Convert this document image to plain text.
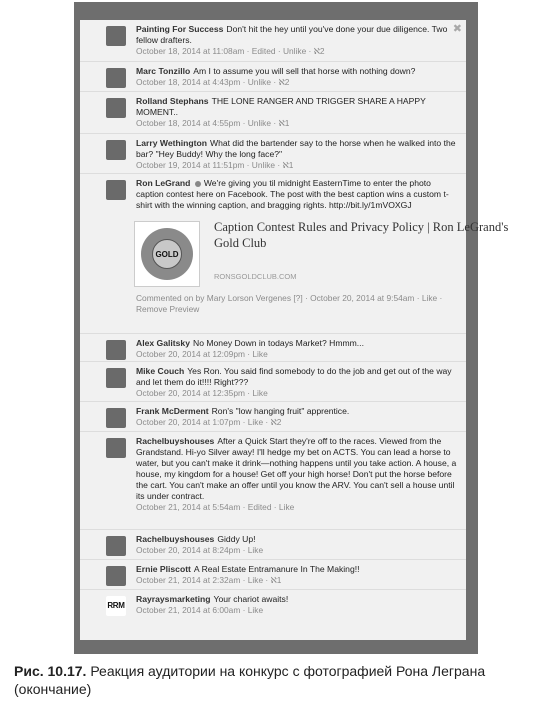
✖
Painting For Success Don't hit the hey until you've done your due diligence. Two fellow drafters.
October 18, 2014 at 11:08am · Edited · Unlike · ℵ2
Marc Tonzillo Am I to assume you will sell that horse with nothing down?
October 18, 2014 at 4:43pm · Unlike · ℵ2
Rolland Stephans THE LONE RANGER AND TRIGGER SHARE A HAPPY MOMENT..
October 18, 2014 at 4:55pm · Unlike · ℵ1
Larry Wethington What did the bartender say to the horse when he walked into the bar? "Hey Buddy! Why the long face?"
October 19, 2014 at 11:51pm · Unlike · ℵ1
Ron LeGrand We're giving you til midnight EasternTime to enter the photo caption contest here on Facebook. The post with the best caption wins a custom t-shirt with the winning caption, and bragging rights. http://bit.ly/1mVOXGJ
GOLD
Caption Contest Rules and Privacy Policy | Ron LeGrand's Gold Club
RONSGOLDCLUB.COM
Commented on by Mary Lorson Vergenes [?] · October 20, 2014 at 9:54am · Like · Remove Preview
Alex Galitsky No Money Down in todays Market? Hmmm...
October 20, 2014 at 12:09pm · Like
Mike Couch Yes Ron. You said find somebody to do the job and get out of the way and let them do it!!!! Right???
October 20, 2014 at 12:35pm · Like
Frank McDerment Ron's "low hanging fruit" apprentice.
October 20, 2014 at 1:07pm · Like · ℵ2
Rachelbuyshouses After a Quick Start they're off to the races. Viewed from the Grandstand. Hi-yo Silver away! I'll hedge my bet on ACTS. You can lead a horse to water, but you can't make it drink—nothing happens until you take action. A house, a house, my kingdom for a house! Get off your high horse! Don't put the horse before the cart. You can't make an offer until you know the ARV. You can't sell a house until its under contract.
October 21, 2014 at 5:54am · Edited · Like
Rachelbuyshouses Giddy Up!
October 20, 2014 at 8:24pm · Like
Ernie Pliscott A Real Estate Entramanure In The Making!!
October 21, 2014 at 2:32am · Like · ℵ1
RRM
Rayraysmarketing Your chariot awaits!
October 21, 2014 at 6:00am · Like
Рис. 10.17. Реакция аудитории на конкурс с фотографией Рона Леграна (окончание)
